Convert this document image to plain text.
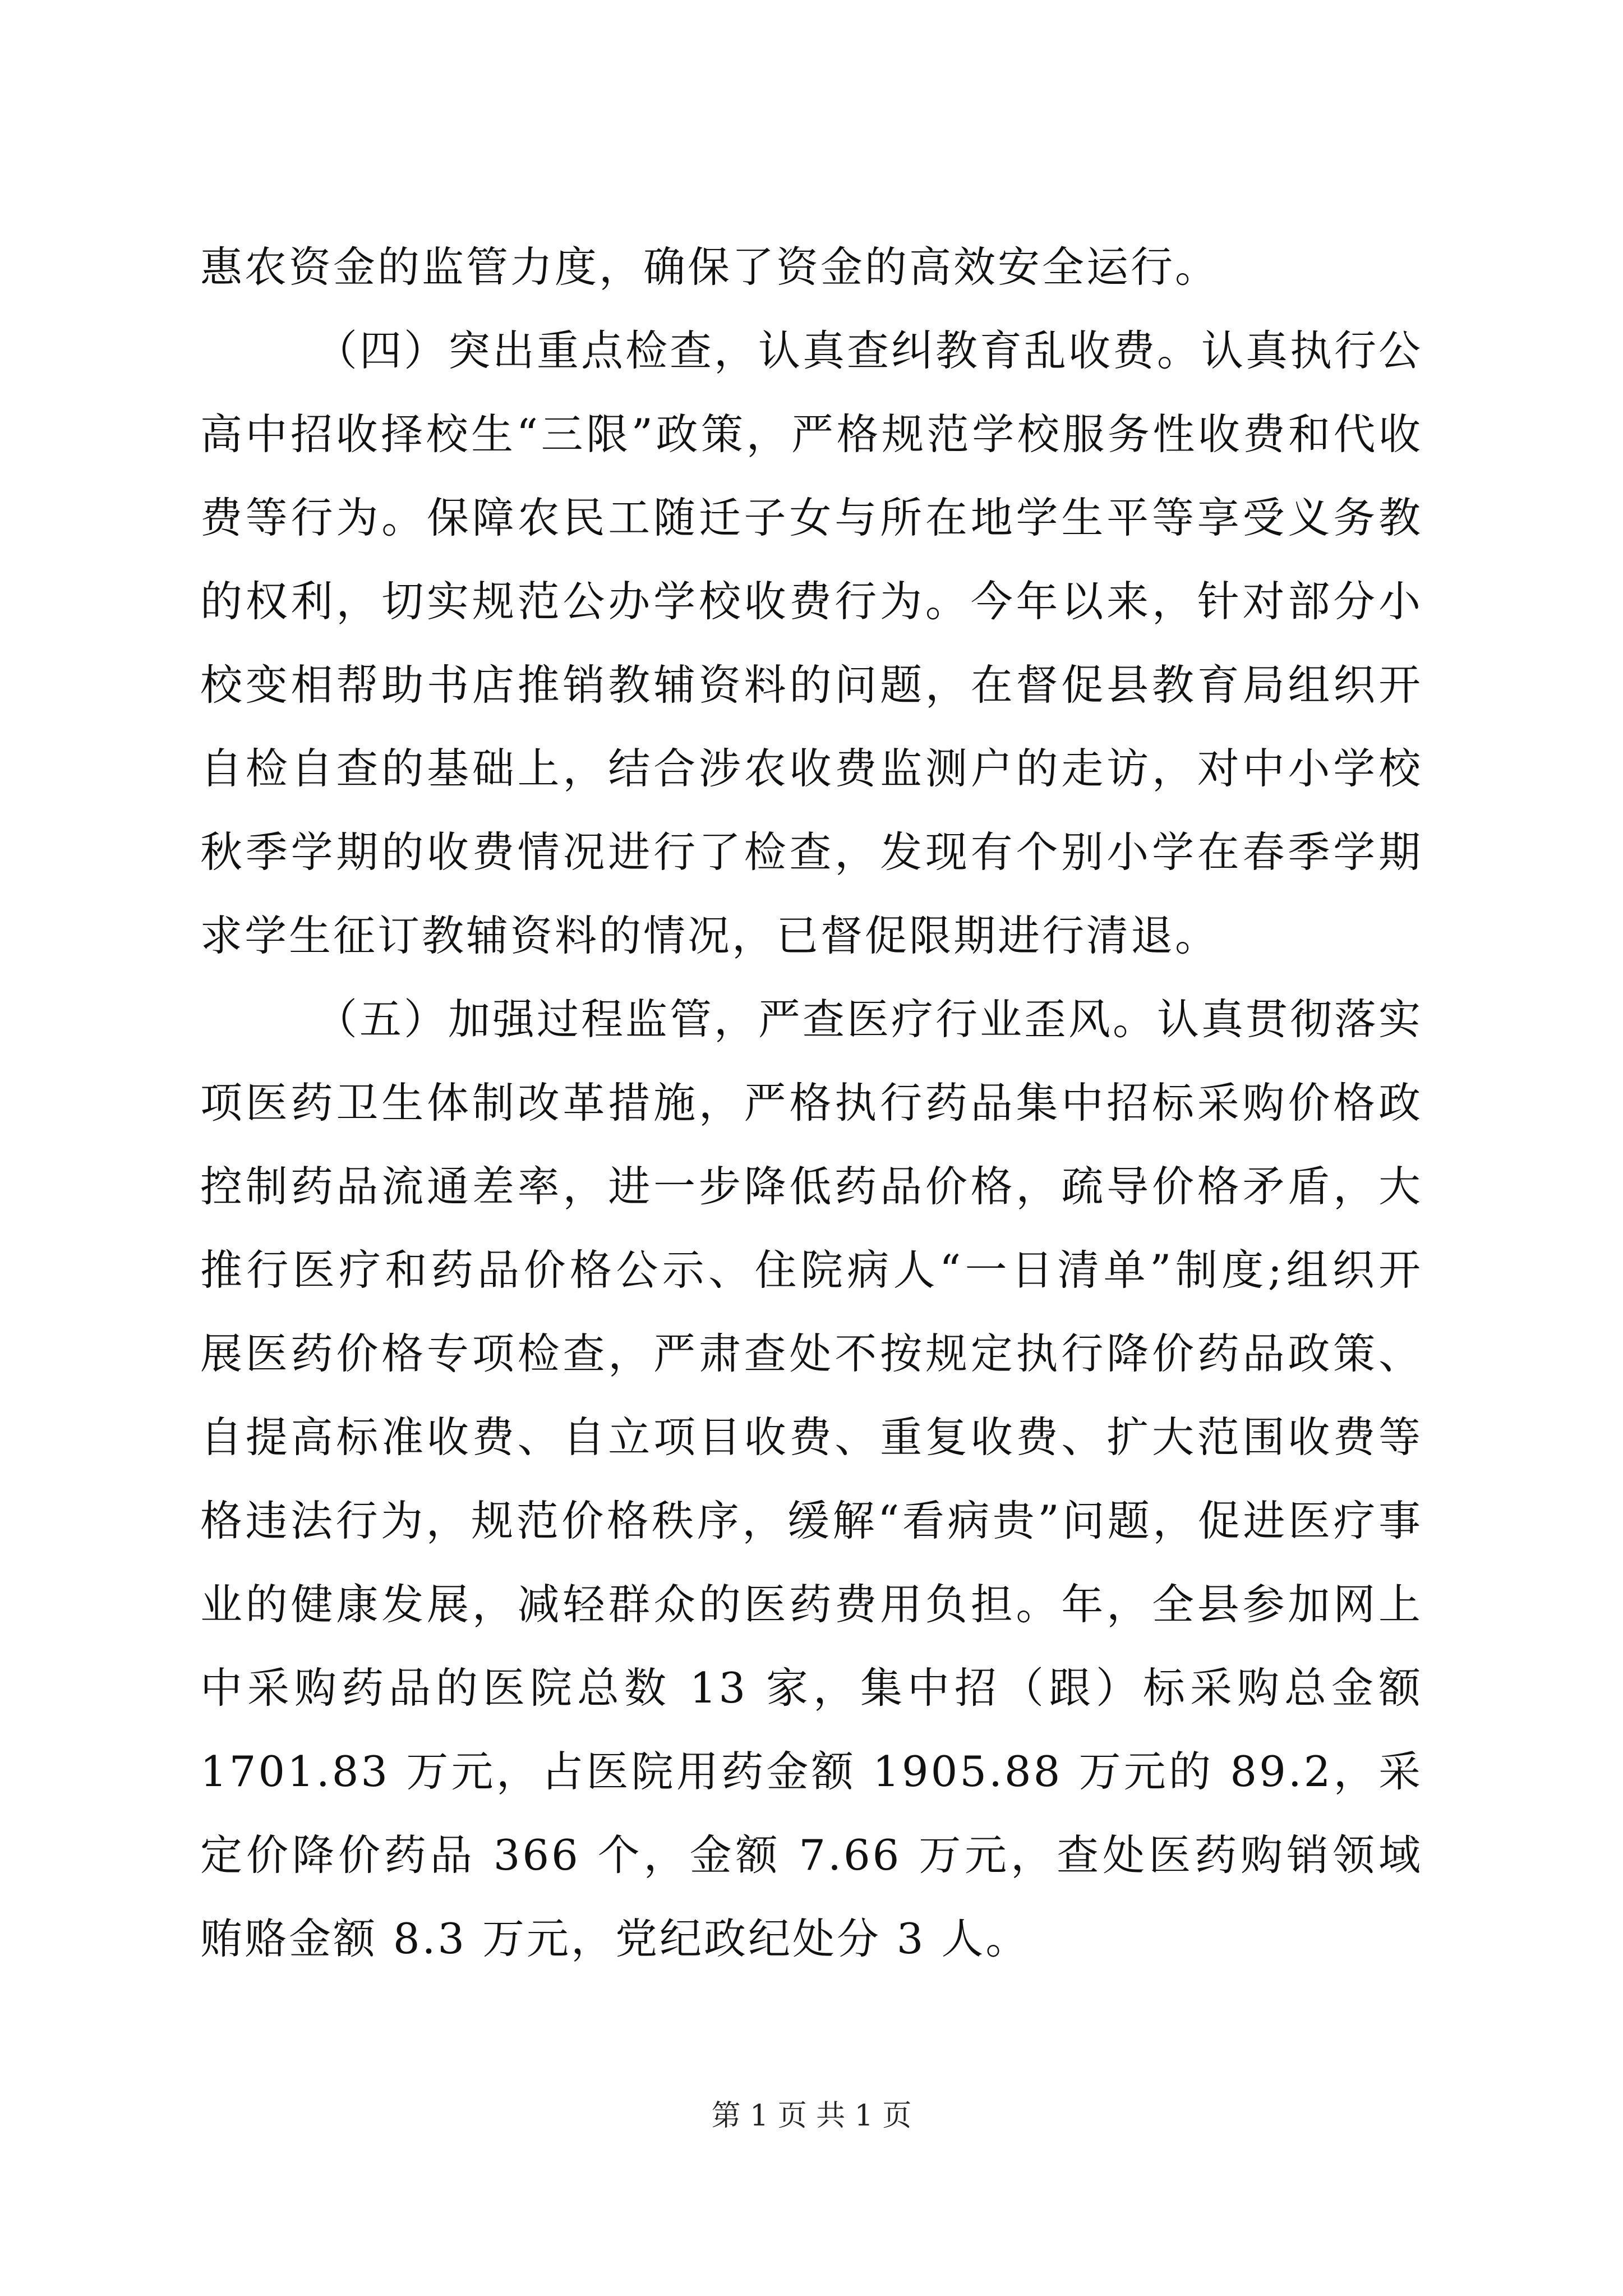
惠农资金的监管力度，确保了资金的高效安全运行。
（四）突出重点检查，认真查纠教育乱收费。认真执行公
高中招收择校生“三限”政策，严格规范学校服务性收费和代收
费等行为。保障农民工随迁子女与所在地学生平等享受义务教
的权利，切实规范公办学校收费行为。今年以来，针对部分小
校变相帮助书店推销教辅资料的问题，在督促县教育局组织开
自检自查的基础上，结合涉农收费监测户的走访，对中小学校
秋季学期的收费情况进行了检查，发现有个别小学在春季学期
求学生征订教辅资料的情况，已督促限期进行清退。
（五）加强过程监管，严查医疗行业歪风。认真贯彻落实
项医药卫生体制改革措施，严格执行药品集中招标采购价格政
控制药品流通差率，进一步降低药品价格，疏导价格矛盾，大
推行医疗和药品价格公示、住院病人“一日清单”制度;组织开
展医药价格专项检查，严肃查处不按规定执行降价药品政策、
自提高标准收费、自立项目收费、重复收费、扩大范围收费等
格违法行为，规范价格秩序，缓解“看病贵”问题，促进医疗事
业的健康发展，减轻群众的医药费用负担。年，全县参加网上
中采购药品的医院总数 13 家，集中招（跟）标采购总金额
1701.83 万元，占医院用药金额 1905.88 万元的 89.2，采
定价降价药品 366 个，金额 7.66 万元，查处医药购销领域
贿赂金额 8.3 万元，党纪政纪处分 3 人。
第 1 页 共 1 页
